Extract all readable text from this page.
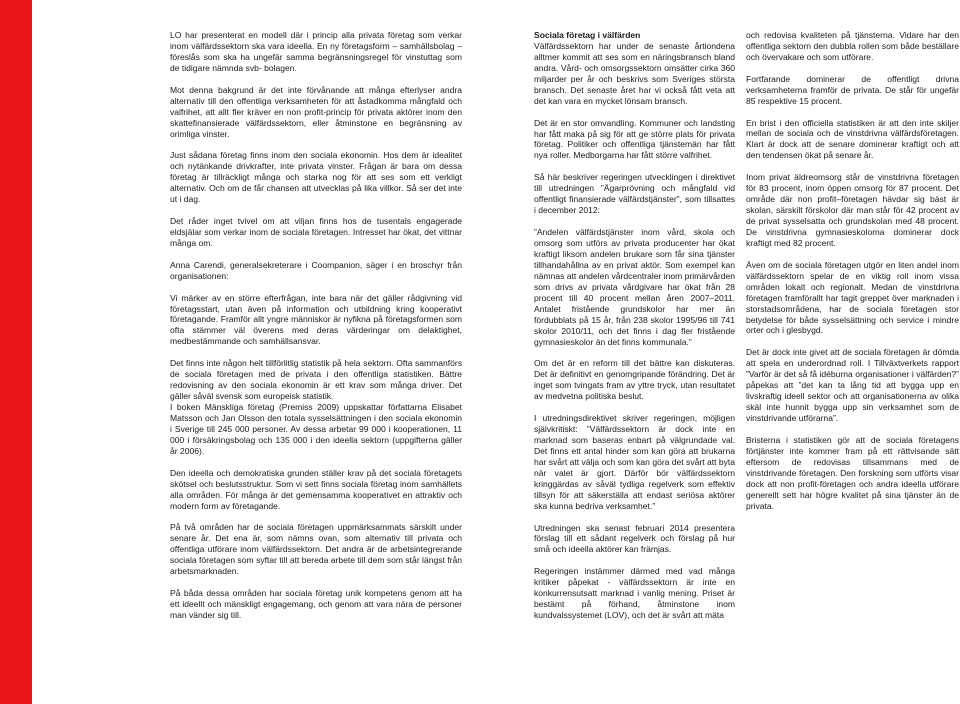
LO har presenterat en modell där i princip alla privata företag som verkar inom välfärdssektorn ska vara ideella. En ny företagsform – samhällsbolag – föreslås som ska ha ungefär samma begränsningsregel för vinstuttag som de tidigare nämnda svb- bolagen.

Mot denna bakgrund är det inte förvånande att många efterlyser andra alternativ till den offentliga verksamheten för att åstadkomma mångfald och valfrihet, att allt fler kräver en non profit-princip för privata aktörer inom den skattefinansierade välfärdssektorn, eller åtminstone en begränsning av orimliga vinster.

Just sådana företag finns inom den sociala ekonomin. Hos dem är idealitet och nytänkande drivkrafter, inte privata vinster. Frågan är bara om dessa företag är tillräckligt många och starka nog för att ses som ett verkligt alternativ. Och om de får chansen att utvecklas på lika villkor. Så ser det inte ut i dag.

Det råder inget tvivel om att viljan finns hos de tusentals engagerade eldsjälar som verkar inom de sociala företagen. Intresset har ökat, det vittnar många om.

Anna Carendi, generalsekreterare i Coompanion, säger i en broschyr från organisationen:

Vi märker av en större efterfrågan, inte bara när det gäller rådgivning vid företagsstart, utan även på information och utbildning kring kooperativt företagande. Framför allt yngre människor är nyfikna på företagsformen som ofta stämmer väl överens med deras värderingar om delaktighet, medbestämmande och samhällsansvar.

Det finns inte någon helt tillförlitlig statistik på hela sektorn. Ofta sammanförs de sociala företagen med de privata i den offentliga statistiken. Bättre redovisning av den sociala ekonomin är ett krav som många driver. Det gäller såväl svensk som europeisk statistik.
I boken Mänskliga företag (Premiss 2009) uppskattar författarna Elisabet Matsson och Jan Olsson den totala sysselsättningen i den sociala ekonomin i Sverige till 245 000 personer. Av dessa arbetar 99 000 i kooperationen, 11 000 i försäkringsbolag och 135 000 i den ideella sektorn (uppgifterna gäller år 2006).

Den ideella och demokratiska grunden ställer krav på det sociala företagets skötsel och beslutsstruktur. Som vi sett finns sociala företag inom samhällets alla områden. För många är det gemensamma kooperativet en attraktiv och modern form av företagande.

På två områden har de sociala företagen uppmärksammats särskilt under senare år. Det ena är, som nämns ovan, som alternativ till privata och offentliga utförare inom välfärdssektorn. Det andra är de arbetsintegrerande sociala företagen som syftar till att bereda arbete till dem som står längst från arbetsmarknaden.

På båda dessa områden har sociala företag unik kompetens genom att ha ett ideellt och mänskligt engagemang, och genom att vara nära de personer man vänder sig till.

Sociala företag i välfärden

Välfärdssektorn har under de senaste årtiondena alltmer kommit att ses som en näringsbransch bland andra. Vård- och omsorgssektorn omsätter cirka 360 miljarder per år och beskrivs som Sveriges största bransch. Det senaste året har vi också fått veta att det kan vara en mycket lönsam bransch.

Det är en stor omvandling. Kommuner och landsting har fått maka på sig för att ge större plats för privata företag. Politiker och offentliga tjänstemän har fått nya roller. Medborgarna har fått större valfrihet.

Så här beskriver regeringen utvecklingen i direktivet till utredningen ”Ägarprövning och mångfald vid offentligt finansierade välfärdstjänster”, som tillsattes i december 2012:

”Andelen välfärdstjänster inom vård, skola och omsorg som utförs av privata producenter har ökat kraftigt liksom andelen brukare som får sina tjänster tillhandahållna av en privat aktör. Som exempel kan nämnas att andelen vårdcentraler inom primärvården som drivs av privata vårdgivare har ökat från 28 procent till 40 procent mellan åren 2007–2011. Antalet fristående grundskolor har mer än fördubblats på 15 år, från 238 skolor 1995/96 till 741 skolor 2010/11, och det finns i dag fler fristående gymnasieskolor än det finns kommunala.”

Om det är en reform till det bättre kan diskuteras. Det är definitivt en genomgripande förändring. Det är inget som tvingats fram av yttre tryck, utan resultatet av medvetna politiska beslut.

I utredningsdirektivet skriver regeringen, möjligen självkritiskt: ”Välfärdssektorn är dock inte en marknad som baseras enbart på välgrundade val. Det finns ett antal hinder som kan göra att brukarna har svårt att välja och som kan göra det svårt att byta när valet är gjort. Därför bör välfärdssektorn kringgärdas av såväl tydliga regelverk som effektiv tillsyn för att säkerställa att endast seriösa aktörer ska kunna bedriva verksamhet.”

Utredningen ska senast februari 2014 presentera förslag till ett sådant regelverk och förslag på hur små och ideella aktörer kan främjas.

Regeringen instämmer därmed med vad många kritiker påpekat - välfärdssektorn är inte en konkurrensutsatt marknad i vanlig mening. Priset är bestämt på förhand, åtminstone inom kundvalssystemet (LOV), och det är svårt att mäta

och redovisa kvaliteten på tjänsterna. Vidare har den offentliga sektorn den dubbla rollen som både beställare och övervakare och som utförare.

Fortfarande dominerar de offentligt drivna verksamheterna framför de privata. De står för ungefär 85 respektive 15 procent.

En brist i den officiella statistiken är att den inte skiljer mellan de sociala och de vinstdrivna välfärdsföretagen. Klart är dock att de senare dominerar kraftigt och att den tendensen ökat på senare år.

Inom privat äldreomsorg står de vinstdrivna företagen för 83 procent, inom öppen omsorg för 87 procent. Det område där non profit–företagen hävdar sig bäst är skolan, särskilt förskolor där man står för 42 procent av de privat sysselsatta och grundskolan med 48 procent. De vinstdrivna gymnasieskolorna dominerar dock kraftigt med 82 procent.

Även om de sociala företagen utgör en liten andel inom välfärdssektorn spelar de en viktig roll inom vissa områden lokalt och regionalt. Medan de vinstdrivna företagen framförallt har tagit greppet över marknaden i storstadsområdena, har de sociala företagen stor betydelse för både sysselsättning och service i mindre orter och i glesbygd.

Det är dock inte givet att de sociala företagen är dömda att spela en underordnad roll. I Tillväxtverkets rapport ”Varför är det så få idéburna organisationer i välfärden?” påpekas att ”det kan ta lång tid att bygga upp en livskraftig ideell sektor och att organisationerna av olika skäl inte hunnit bygga upp sin verksamhet som de vinstdrivande utförarna”.

Bristerna i statistiken gör att de sociala företagens förtjänster inte kommer fram på ett rättvisande sätt eftersom de redovisas tillsammans med de vinstdrivande företagen. Den forskning som utförts visar dock att non profit-företagen och andra ideella utförare generellt sett har högre kvalitet på sina tjänster än de privata.
